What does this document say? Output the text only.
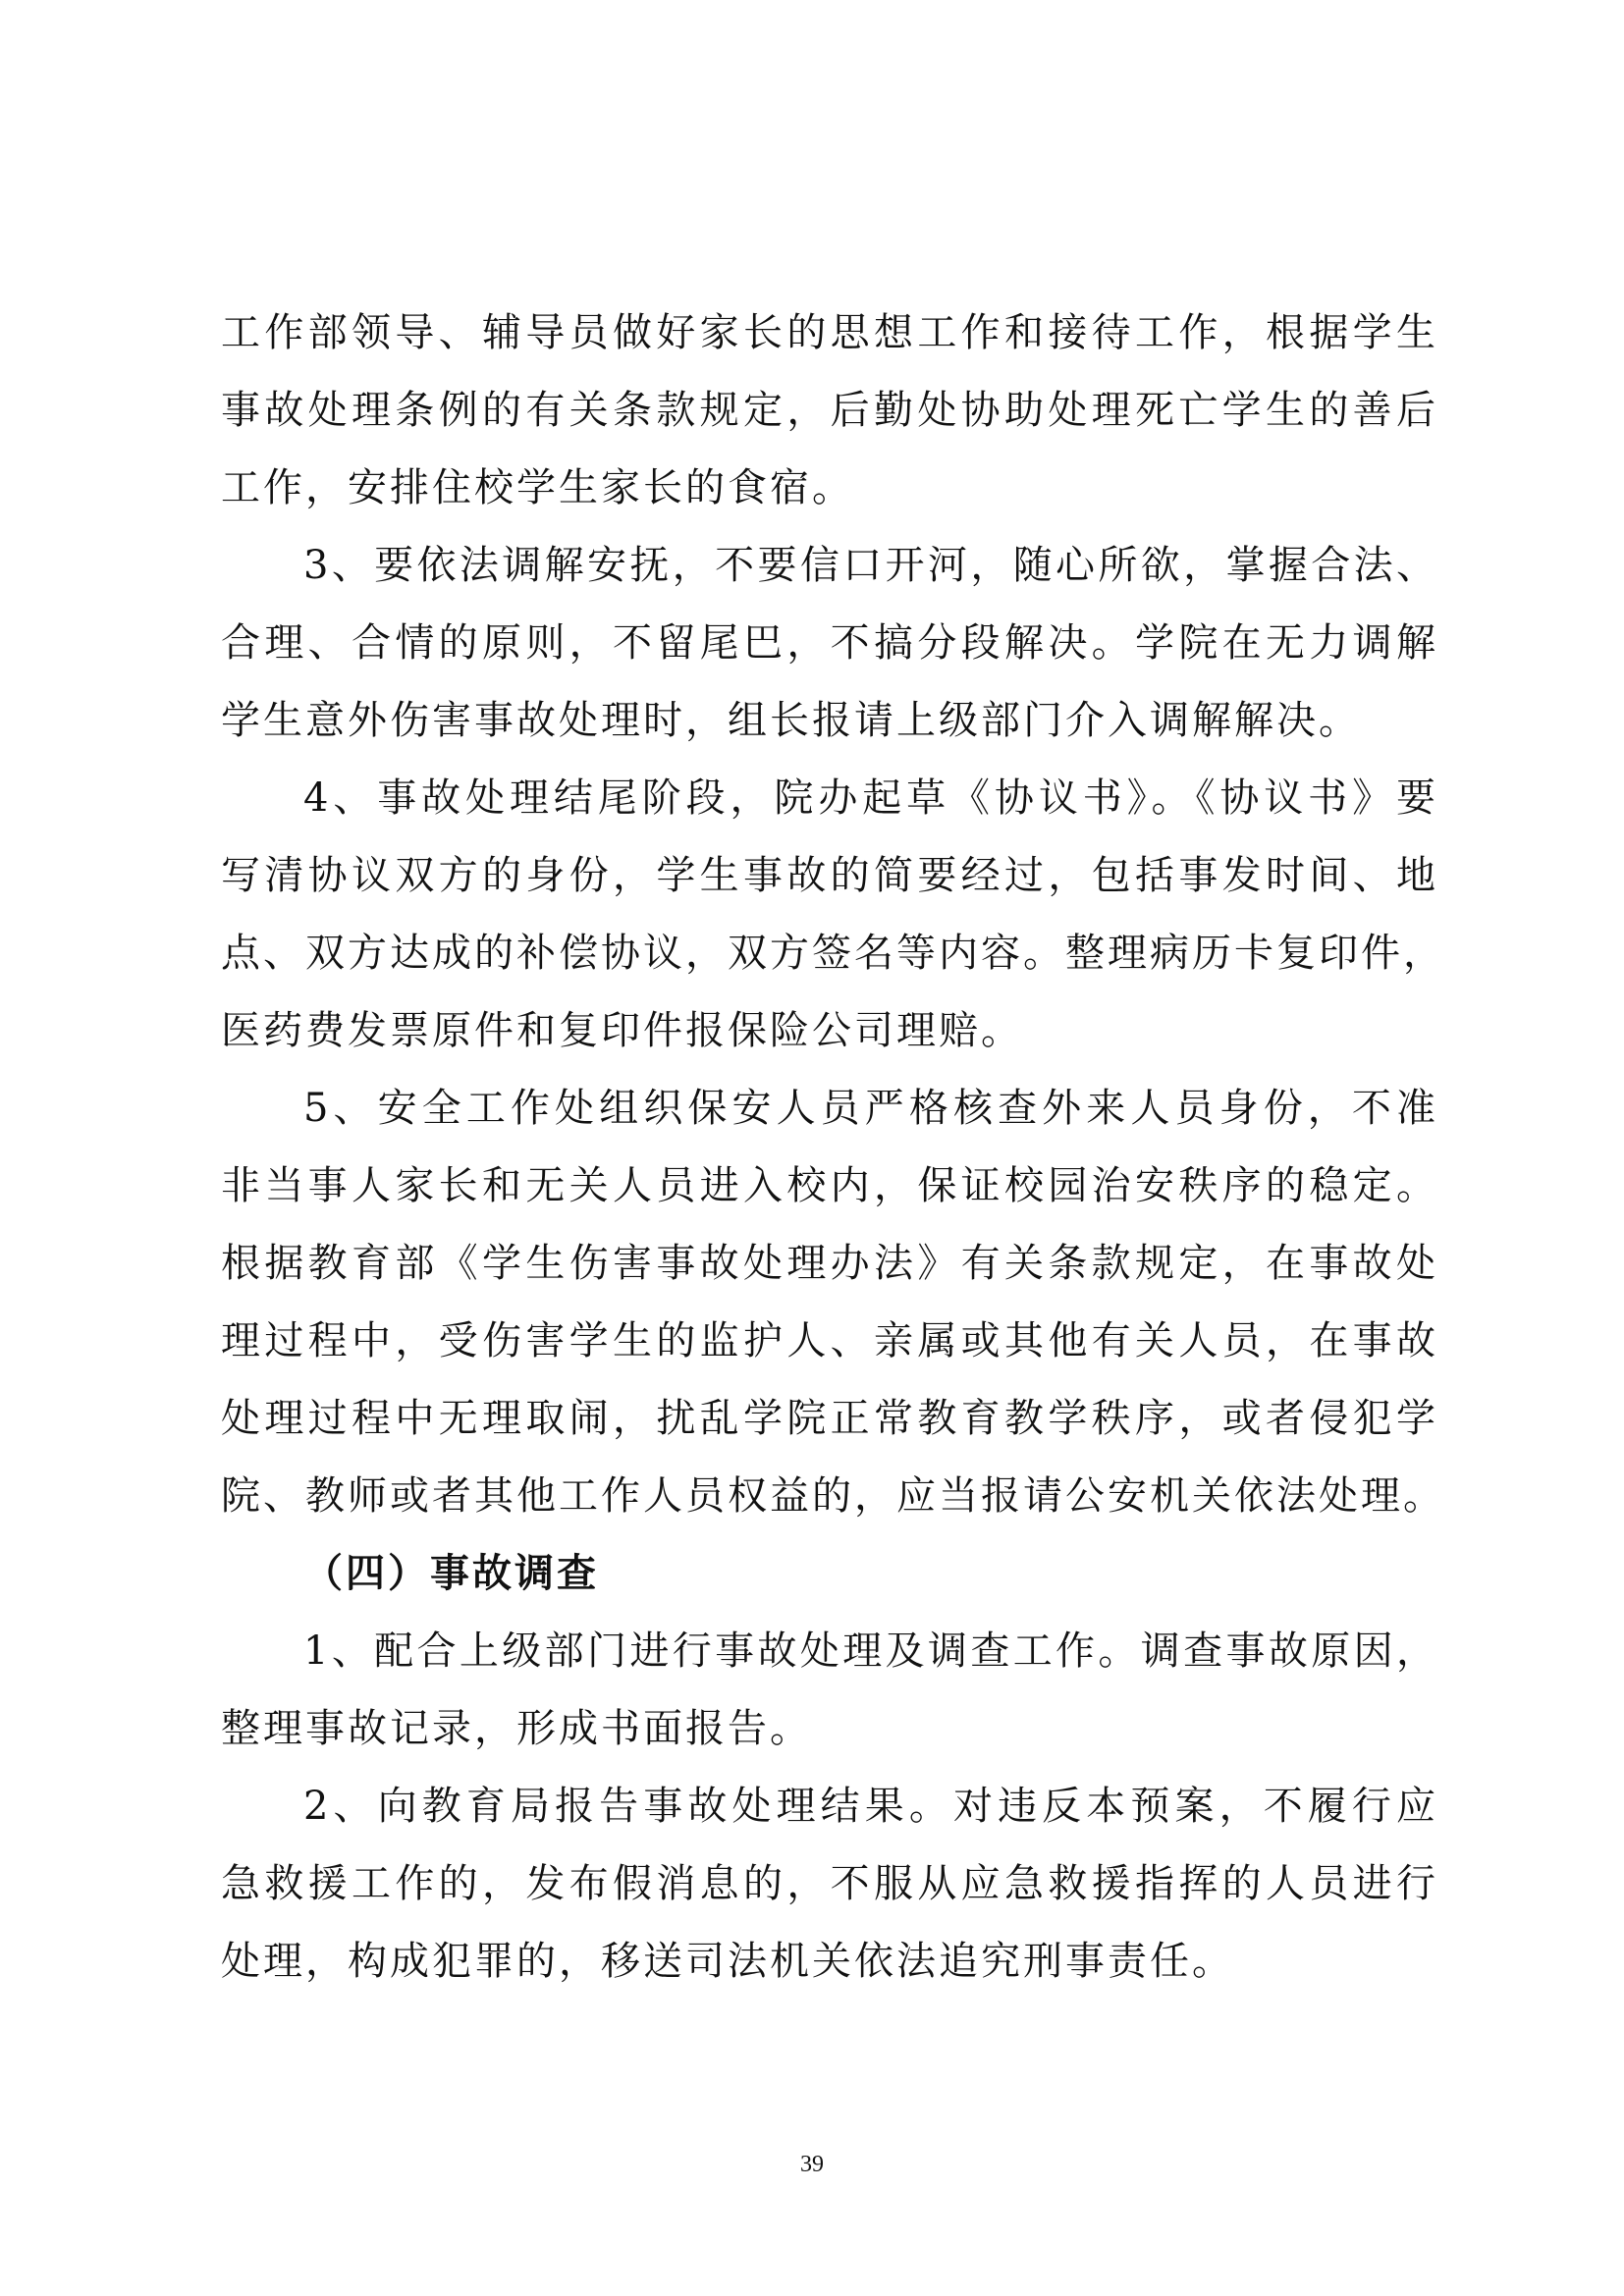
工作部领导、辅导员做好家长的思想工作和接待工作，根据学生
事故处理条例的有关条款规定，后勤处协助处理死亡学生的善后
工作，安排住校学生家长的食宿。
3、要依法调解安抚，不要信口开河，随心所欲，掌握合法、
合理、合情的原则，不留尾巴，不搞分段解决。学院在无力调解
学生意外伤害事故处理时，组长报请上级部门介入调解解决。
4、事故处理结尾阶段，院办起草《协议书》。《协议书》要
写清协议双方的身份，学生事故的简要经过，包括事发时间、地
点、双方达成的补偿协议，双方签名等内容。整理病历卡复印件，
医药费发票原件和复印件报保险公司理赔。
5、安全工作处组织保安人员严格核查外来人员身份，不准
非当事人家长和无关人员进入校内，保证校园治安秩序的稳定。
根据教育部《学生伤害事故处理办法》有关条款规定，在事故处
理过程中，受伤害学生的监护人、亲属或其他有关人员，在事故
处理过程中无理取闹，扰乱学院正常教育教学秩序，或者侵犯学
院、教师或者其他工作人员权益的，应当报请公安机关依法处理。
（四）事故调查
1、配合上级部门进行事故处理及调查工作。调查事故原因，
整理事故记录，形成书面报告。
2、向教育局报告事故处理结果。对违反本预案，不履行应
急救援工作的，发布假消息的，不服从应急救援指挥的人员进行
处理，构成犯罪的，移送司法机关依法追究刑事责任。
39
